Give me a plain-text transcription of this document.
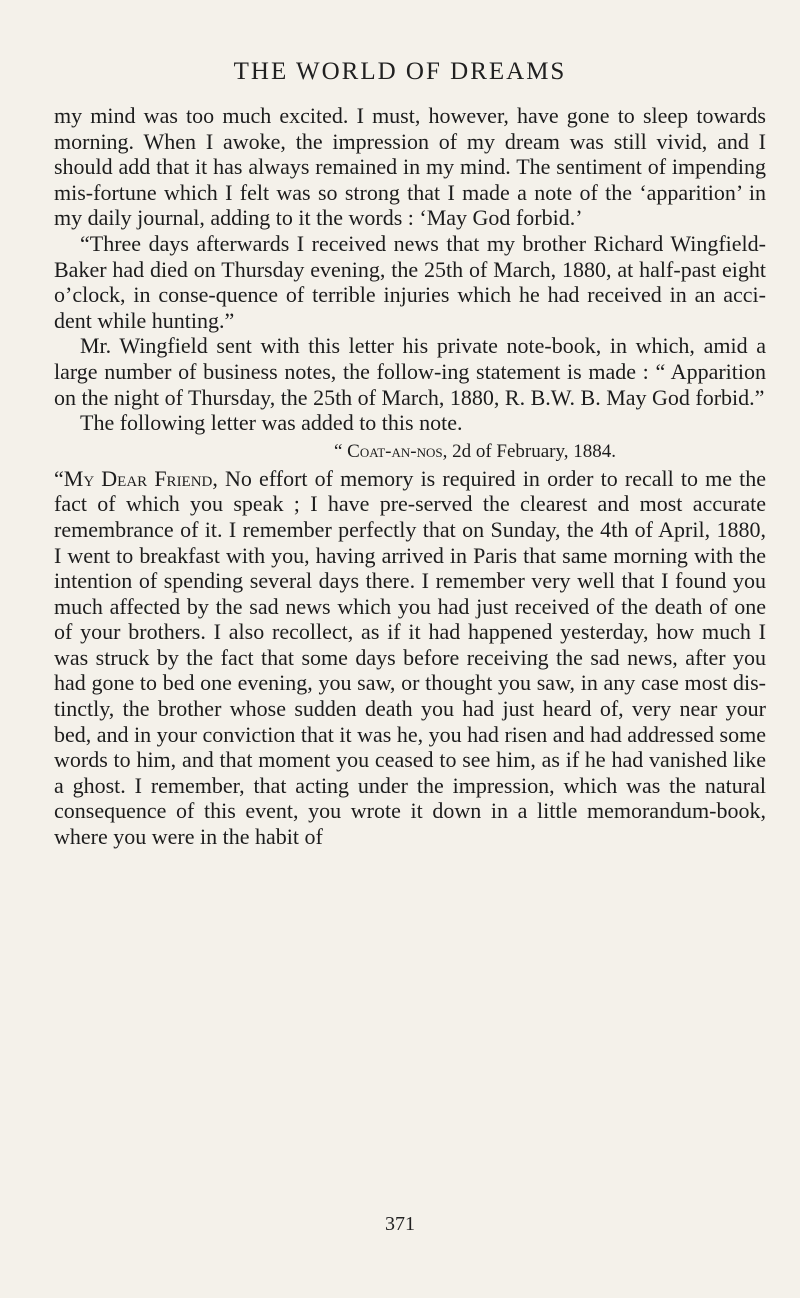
THE WORLD OF DREAMS

my mind was too much excited. I must, however, have gone to sleep towards morning. When I awoke, the impression of my dream was still vivid, and I should add that it has always remained in my mind. The sentiment of impending mis-fortune which I felt was so strong that I made a note of the ‘apparition’ in my daily journal, adding to it the words : ‘May God forbid.’

“Three days afterwards I received news that my brother Richard Wingfield-Baker had died on Thursday evening, the 25th of March, 1880, at half-past eight o’clock, in conse-quence of terrible injuries which he had received in an acci-dent while hunting.”

Mr. Wingfield sent with this letter his private note-book, in which, amid a large number of business notes, the follow-ing statement is made : “ Apparition on the night of Thursday, the 25th of March, 1880, R. B.W. B. May God forbid.”

The following letter was added to this note.

“ Coat-an-nos, 2d of February, 1884.

“My Dear Friend, No effort of memory is required in order to recall to me the fact of which you speak ; I have pre-served the clearest and most accurate remembrance of it. I remember perfectly that on Sunday, the 4th of April, 1880, I went to breakfast with you, having arrived in Paris that same morning with the intention of spending several days there. I remember very well that I found you much affected by the sad news which you had just received of the death of one of your brothers. I also recollect, as if it had happened yesterday, how much I was struck by the fact that some days before receiving the sad news, after you had gone to bed one evening, you saw, or thought you saw, in any case most dis-tinctly, the brother whose sudden death you had just heard of, very near your bed, and in your conviction that it was he, you had risen and had addressed some words to him, and that moment you ceased to see him, as if he had vanished like a ghost. I remember, that acting under the impression, which was the natural consequence of this event, you wrote it down in a little memorandum-book, where you were in the habit of

371
